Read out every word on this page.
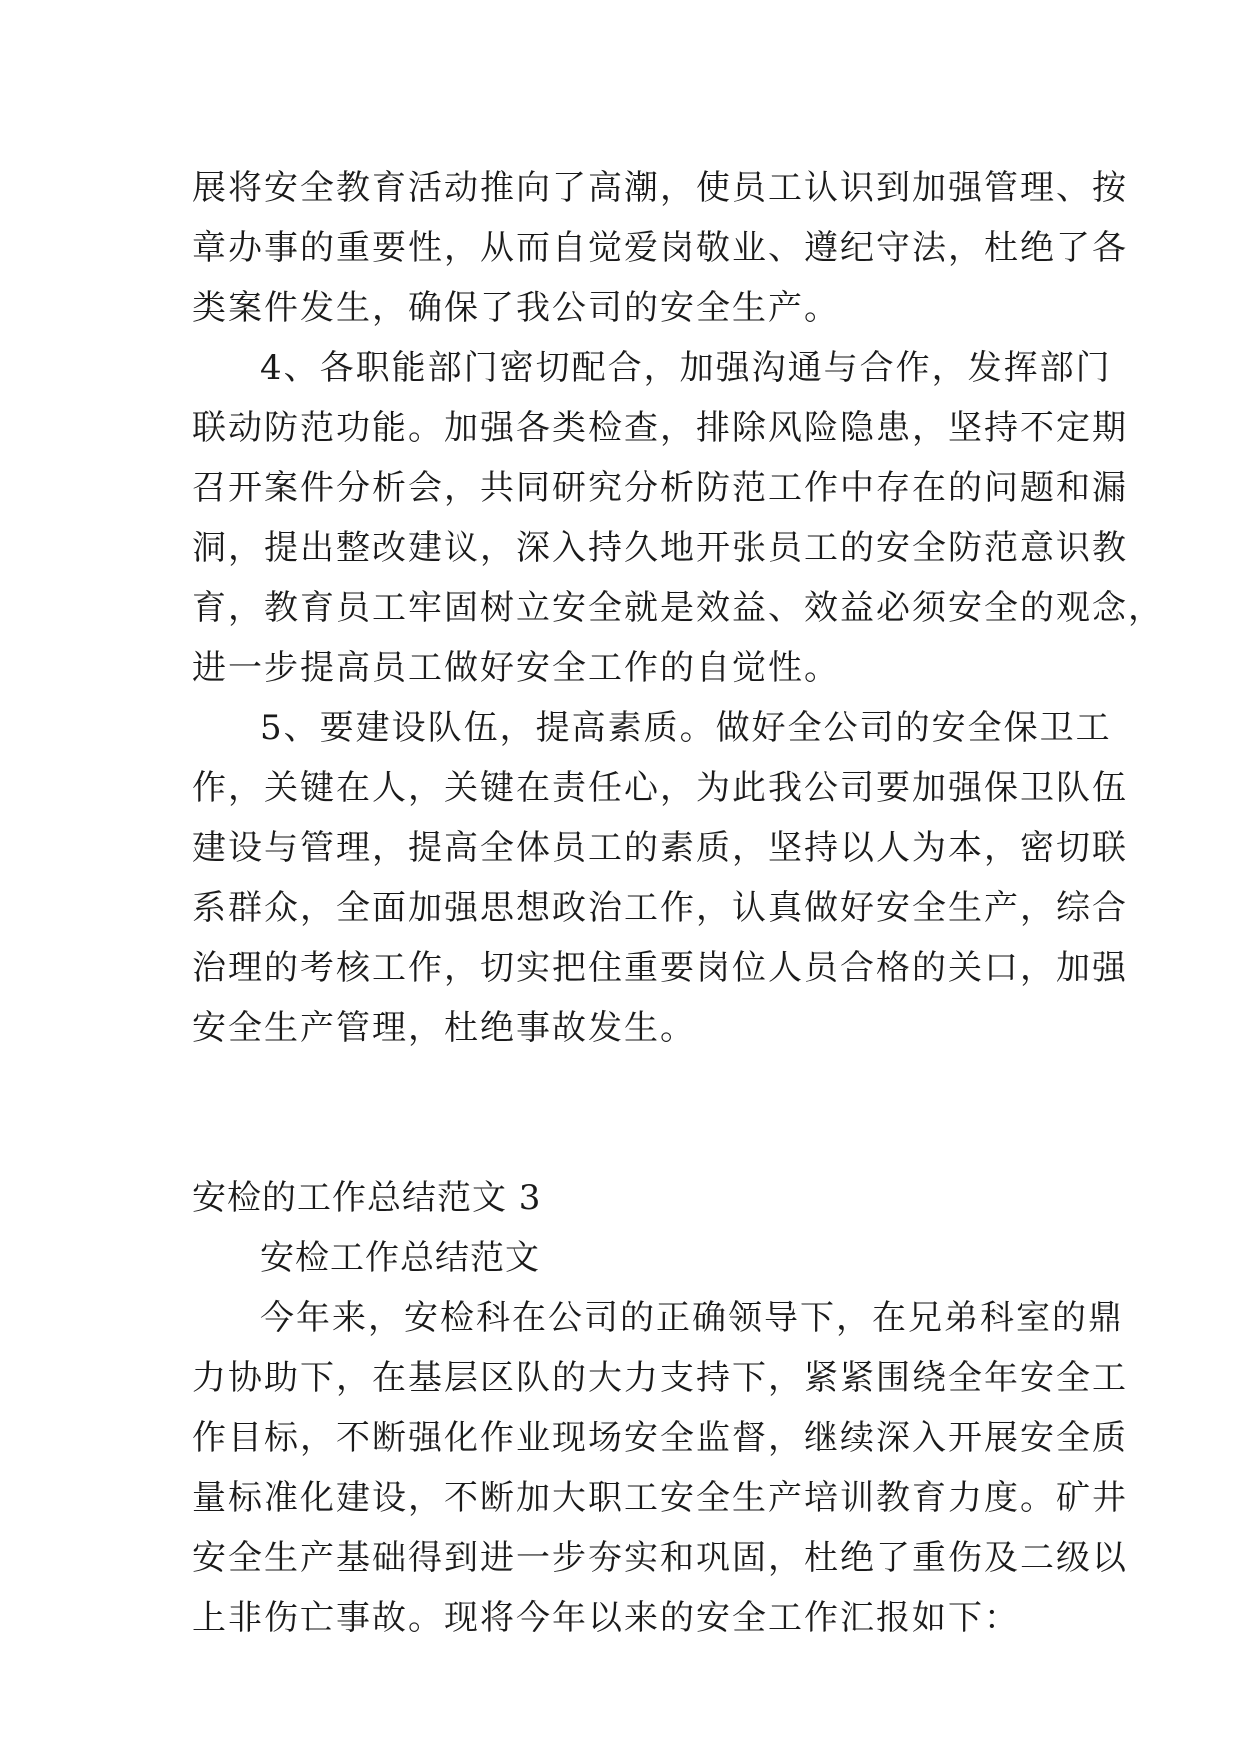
展将安全教育活动推向了高潮，使员工认识到加强管理、按
章办事的重要性，从而自觉爱岗敬业、遵纪守法，杜绝了各
类案件发生，确保了我公司的安全生产。
4、各职能部门密切配合，加强沟通与合作，发挥部门
联动防范功能。加强各类检查，排除风险隐患，坚持不定期
召开案件分析会，共同研究分析防范工作中存在的问题和漏
洞，提出整改建议，深入持久地开张员工的安全防范意识教
育，教育员工牢固树立安全就是效益、效益必须安全的观念，
进一步提高员工做好安全工作的自觉性。
5、要建设队伍，提高素质。做好全公司的安全保卫工
作，关键在人，关键在责任心，为此我公司要加强保卫队伍
建设与管理，提高全体员工的素质，坚持以人为本，密切联
系群众，全面加强思想政治工作，认真做好安全生产，综合
治理的考核工作，切实把住重要岗位人员合格的关口，加强
安全生产管理，杜绝事故发生。
安检的工作总结范文 3
安检工作总结范文
今年来，安检科在公司的正确领导下，在兄弟科室的鼎
力协助下，在基层区队的大力支持下，紧紧围绕全年安全工
作目标，不断强化作业现场安全监督，继续深入开展安全质
量标准化建设，不断加大职工安全生产培训教育力度。矿井
安全生产基础得到进一步夯实和巩固，杜绝了重伤及二级以
上非伤亡事故。现将今年以来的安全工作汇报如下：
